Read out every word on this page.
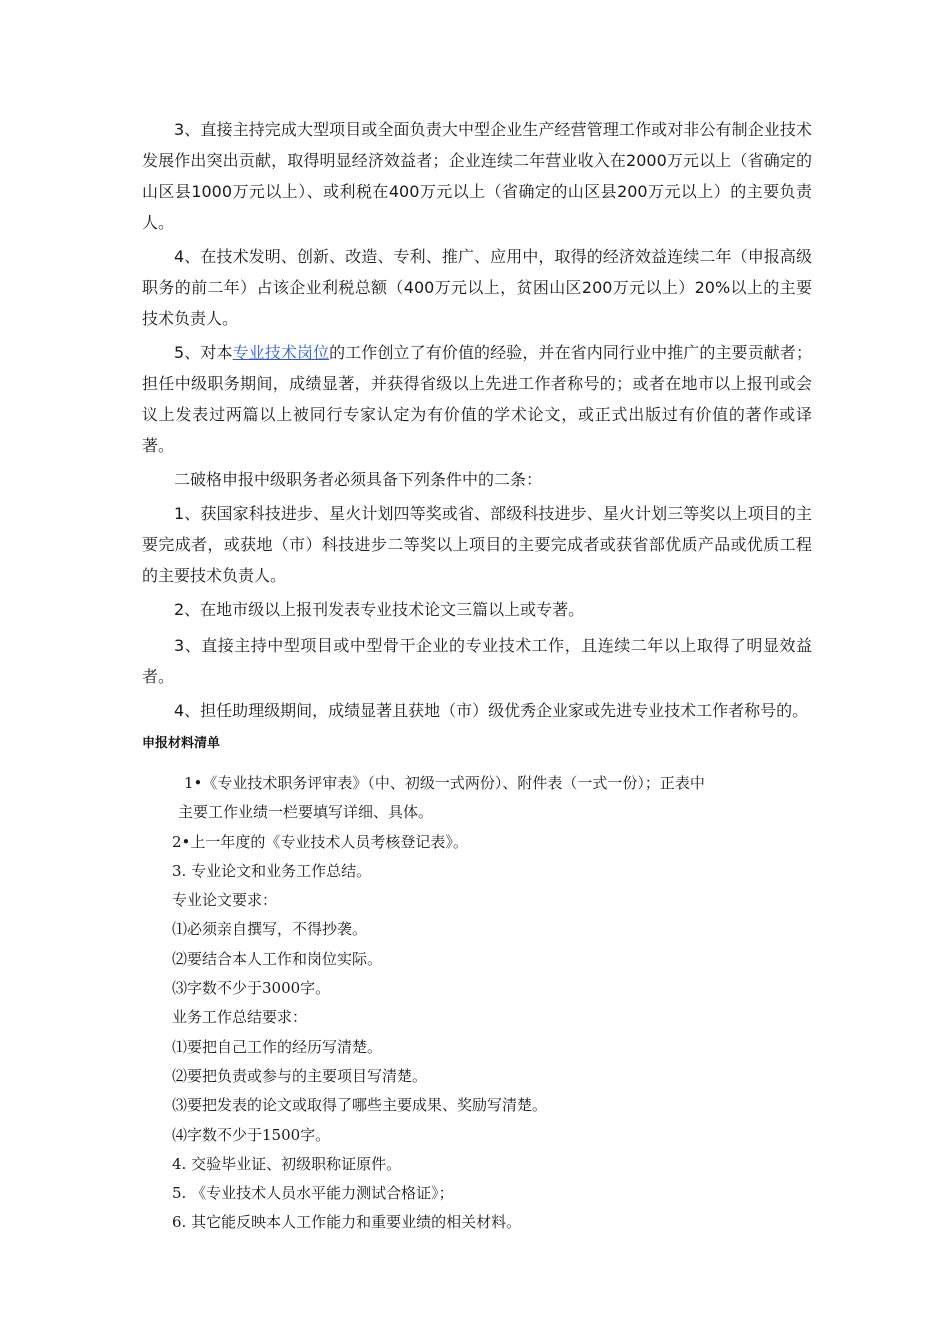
3、直接主持完成大型项目或全面负责大中型企业生产经营管理工作或对非公有制企业技术发展作出突出贡献，取得明显经济效益者；企业连续二年营业收入在2000万元以上（省确定的山区县1000万元以上）、或利税在400万元以上（省确定的山区县200万元以上）的主要负责人。

4、在技术发明、创新、改造、专利、推广、应用中，取得的经济效益连续二年（申报高级职务的前二年）占该企业利税总额（400万元以上，贫困山区200万元以上）20%以上的主要技术负责人。

5、对本专业技术岗位的工作创立了有价值的经验，并在省内同行业中推广的主要贡献者；担任中级职务期间，成绩显著，并获得省级以上先进工作者称号的；或者在地市以上报刊或会议上发表过两篇以上被同行专家认定为有价值的学术论文，或正式出版过有价值的著作或译著。

二破格申报中级职务者必须具备下列条件中的二条：

1、获国家科技进步、星火计划四等奖或省、部级科技进步、星火计划三等奖以上项目的主要完成者，或获地（市）科技进步二等奖以上项目的主要完成者或获省部优质产品或优质工程的主要技术负责人。

2、在地市级以上报刊发表专业技术论文三篇以上或专著。

3、直接主持中型项目或中型骨干企业的专业技术工作，且连续二年以上取得了明显效益者。

4、担任助理级期间，成绩显著且获地（市）级优秀企业家或先进专业技术工作者称号的。

申报材料清单

1•《专业技术职务评审表》（中、初级一式两份）、附件表（一式一份）；正表中
主要工作业绩一栏要填写详细、具体。

2•上一年度的《专业技术人员考核登记表》。

3. 专业论文和业务工作总结。

专业论文要求：

⑴必须亲自撰写，不得抄袭。

⑵要结合本人工作和岗位实际。

⑶字数不少于3000字。

业务工作总结要求：

⑴要把自己工作的经历写清楚。

⑵要把负责或参与的主要项目写清楚。

⑶要把发表的论文或取得了哪些主要成果、奖励写清楚。

⑷字数不少于1500字。

4. 交验毕业证、初级职称证原件。

5. 《专业技术人员水平能力测试合格证》；

6. 其它能反映本人工作能力和重要业绩的相关材料。
